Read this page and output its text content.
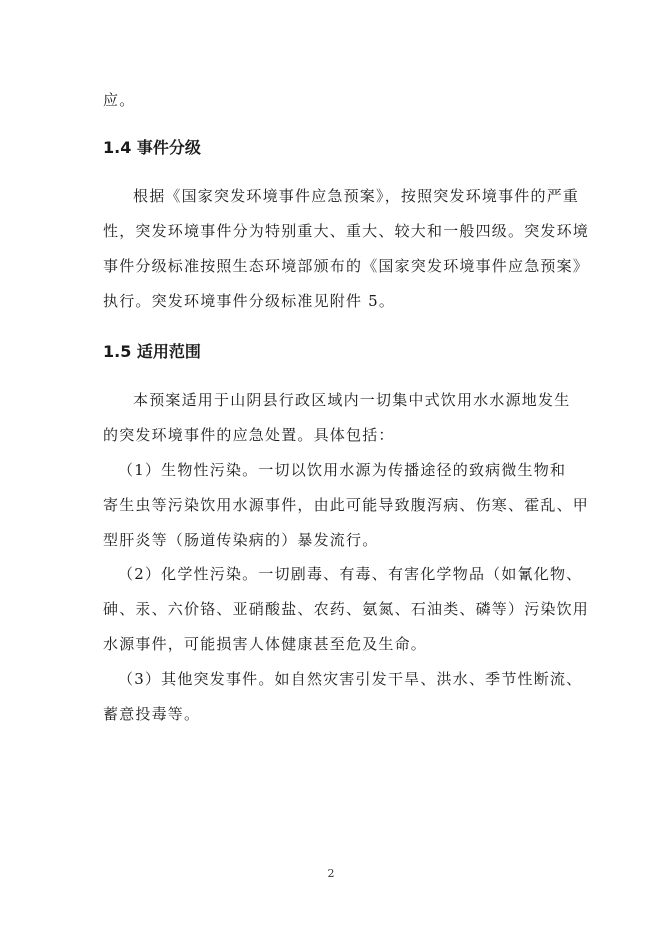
应。
1.4 事件分级
根据《国家突发环境事件应急预案》，按照突发环境事件的严重
性，突发环境事件分为特别重大、重大、较大和一般四级。突发环境
事件分级标准按照生态环境部颁布的《国家突发环境事件应急预案》
执行。突发环境事件分级标准见附件 5。
1.5 适用范围
本预案适用于山阴县行政区域内一切集中式饮用水水源地发生
的突发环境事件的应急处置。具体包括：
（1）生物性污染。一切以饮用水源为传播途径的致病微生物和
寄生虫等污染饮用水源事件，由此可能导致腹泻病、伤寒、霍乱、甲
型肝炎等（肠道传染病的）暴发流行。
（2）化学性污染。一切剧毒、有毒、有害化学物品（如氰化物、
砷、汞、六价铬、亚硝酸盐、农药、氨氮、石油类、磷等）污染饮用
水源事件，可能损害人体健康甚至危及生命。
（3）其他突发事件。如自然灾害引发干旱、洪水、季节性断流、
蓄意投毒等。
2
